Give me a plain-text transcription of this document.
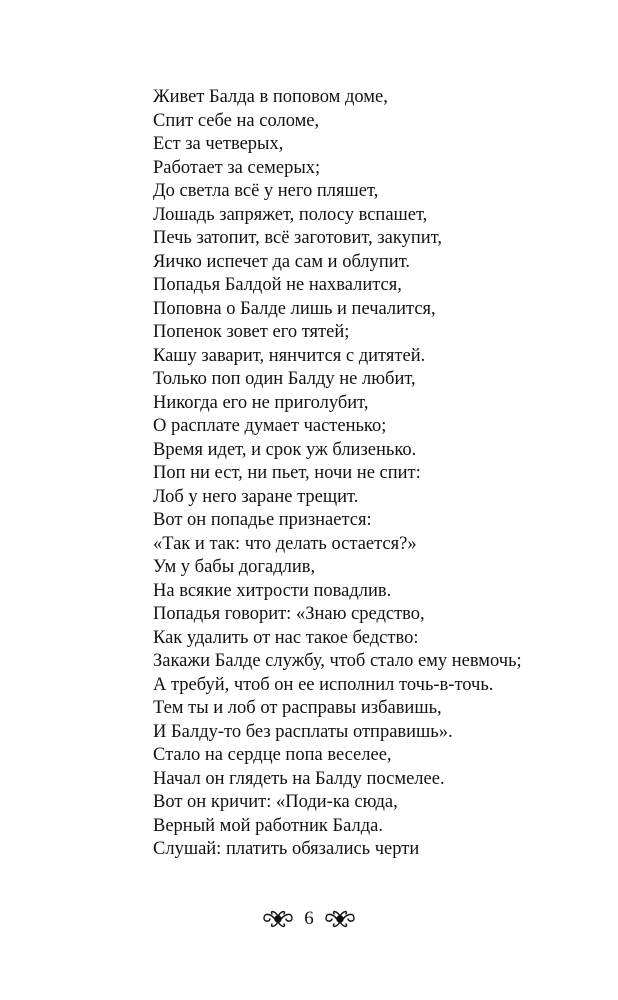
Живет Балда в поповом доме,
Спит себе на соломе,
Ест за четверых,
Работает за семерых;
До светла всё у него пляшет,
Лошадь запряжет, полосу вспашет,
Печь затопит, всё заготовит, закупит,
Яичко испечет да сам и облупит.
Попадья Балдой не нахвалится,
Поповна о Балде лишь и печалится,
Попенок зовет его тятей;
Кашу заварит, нянчится с дитятей.
Только поп один Балду не любит,
Никогда его не приголубит,
О расплате думает частенько;
Время идет, и срок уж близенько.
Поп ни ест, ни пьет, ночи не спит:
Лоб у него заране трещит.
Вот он попадье признается:
«Так и так: что делать остается?»
Ум у бабы догадлив,
На всякие хитрости повадлив.
Попадья говорит: «Знаю средство,
Как удалить от нас такое бедство:
Закажи Балде службу, чтоб стало ему невмочь;
А требуй, чтоб он ее исполнил точь-в-точь.
Тем ты и лоб от расправы избавишь,
И Балду-то без расплаты отправишь».
Стало на сердце попа веселее,
Начал он глядеть на Балду посмелее.
Вот он кричит: «Поди-ка сюда,
Верный мой работник Балда.
Слушай: платить обязались черти
6
